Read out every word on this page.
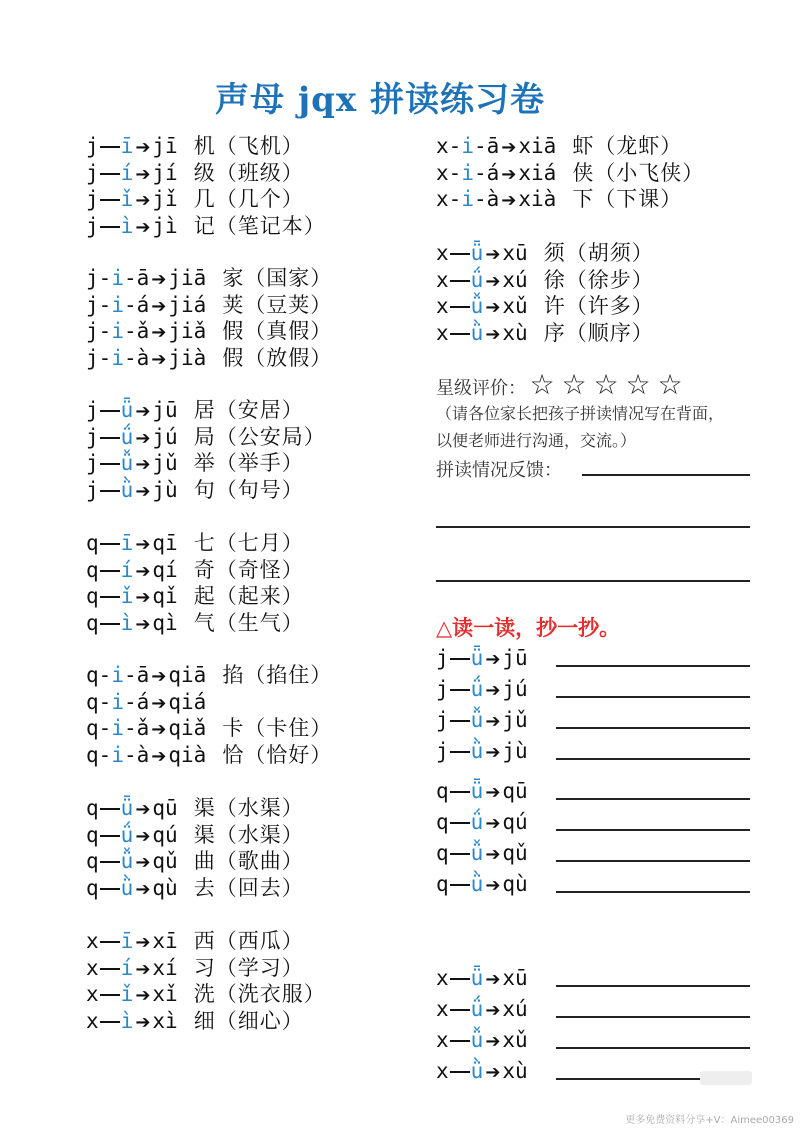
声母 jqx 拼读练习卷
j ī ➔jī 机（飞机）
j í ➔jí 级（班级）
j ǐ ➔jǐ 几（几个）
j ì ➔jì 记（笔记本）
j-i-ā ➔jiā 家（国家）
j-i-á ➔jiá 荚（豆荚）
j-i-ǎ ➔jiǎ 假（真假）
j-i-à ➔jià 假（放假）
j ǖ ➔jū 居（安居）
j ǘ ➔jú 局（公安局）
j ǚ ➔jǔ 举（举手）
j ǜ ➔jù 句（句号）
q ī ➔qī 七（七月）
q í ➔qí 奇（奇怪）
q ǐ ➔qǐ 起（起来）
q ì ➔qì 气（生气）
q-i-ā ➔qiā 掐（掐住）
q-i-á ➔qiá
q-i-ǎ ➔qiǎ 卡（卡住）
q-i-à ➔qià 恰（恰好）
q ǖ ➔qū 渠（水渠）
q ǘ ➔qú 渠（水渠）
q ǚ ➔qǔ 曲（歌曲）
q ǜ ➔qù 去（回去）
x ī ➔xī 西（西瓜）
x í ➔xí 习（学习）
x ǐ ➔xǐ 洗（洗衣服）
x ì ➔xì 细（细心）
x-i-ā ➔xiā 虾（龙虾）
x-i-á ➔xiá 侠（小飞侠）
x-i-à ➔xià 下（下课）
x ǖ ➔xū 须（胡须）
x ǘ ➔xú 徐（徐步）
x ǚ ➔xǔ 许（许多）
x ǜ ➔xù 序（顺序）
星级评价： ☆ ☆ ☆ ☆ ☆
（请各位家长把孩子拼读情况写在背面，
以便老师进行沟通，交流。）
拼读情况反馈：
△读一读，抄一抄。
j ǖ ➔jū
j ǘ ➔jú
j ǚ ➔jǔ
j ǜ ➔jù
q ǖ ➔qū
q ǘ ➔qú
q ǚ ➔qǔ
q ǜ ➔qù
x ǖ ➔xū
x ǘ ➔xú
x ǚ ➔xǔ
x ǜ ➔xù
更多免费资料分享+V：Aimee00369
